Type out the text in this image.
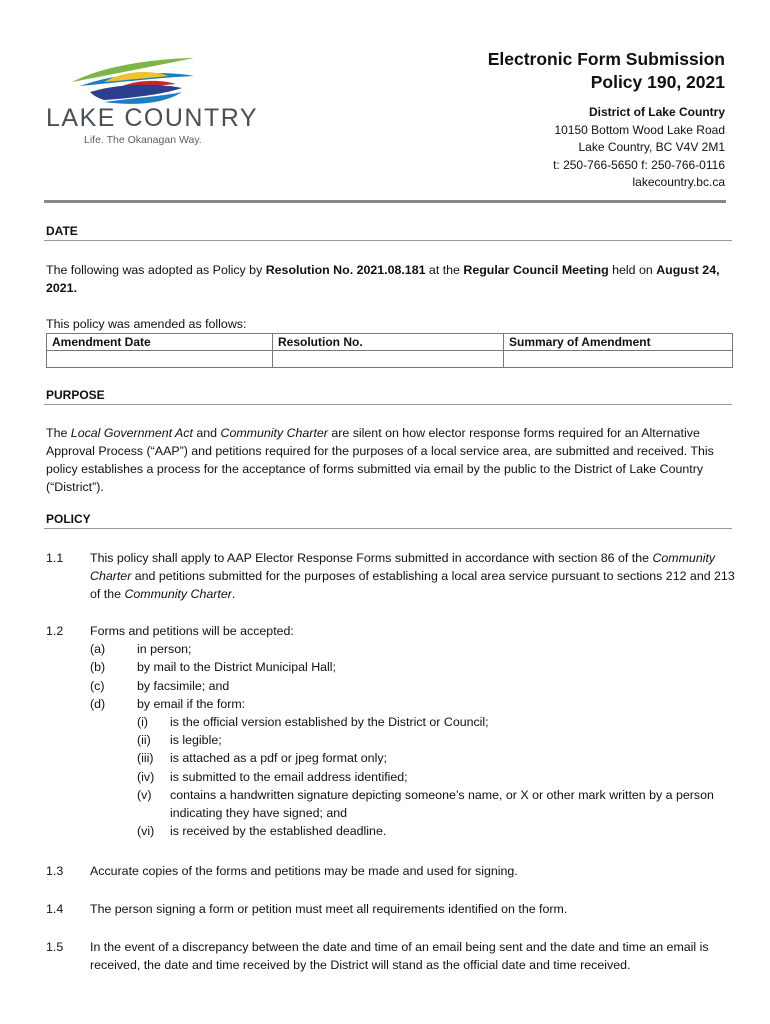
LAKE COUNTRY
Life. The Okanagan Way.
Electronic Form Submission
Policy 190, 2021
District of Lake Country
10150 Bottom Wood Lake Road
Lake Country, BC V4V 2M1
t: 250-766-5650 f: 250-766-0116
lakecountry.bc.ca
DATE
The following was adopted as Policy by Resolution No. 2021.08.181 at the Regular Council Meeting held on August 24, 2021.
This policy was amended as follows:
Amendment Date	Resolution No.	Summary of Amendment

PURPOSE
The Local Government Act and Community Charter are silent on how elector response forms required for an Alternative Approval Process (“AAP”) and petitions required for the purposes of a local service area, are submitted and received. This policy establishes a process for the acceptance of forms submitted via email by the public to the District of Lake Country (“District”).
POLICY
1.1 This policy shall apply to AAP Elector Response Forms submitted in accordance with section 86 of the Community Charter and petitions submitted for the purposes of establishing a local area service pursuant to sections 212 and 213 of the Community Charter.
1.2 Forms and petitions will be accepted:
(a)	in person;
(b)	by mail to the District Municipal Hall;
(c)	by facsimile; and
(d)	by email if the form:
(i) is the official version established by the District or Council;
(ii) is legible;
(iii) is attached as a pdf or jpeg format only;
(iv) is submitted to the email address identified;
(v) contains a handwritten signature depicting someone’s name, or X or other mark written by a person indicating they have signed; and
(vi) is received by the established deadline.
1.3 Accurate copies of the forms and petitions may be made and used for signing.
1.4 The person signing a form or petition must meet all requirements identified on the form.
1.5 In the event of a discrepancy between the date and time of an email being sent and the date and time an email is received, the date and time received by the District will stand as the official date and time received.
